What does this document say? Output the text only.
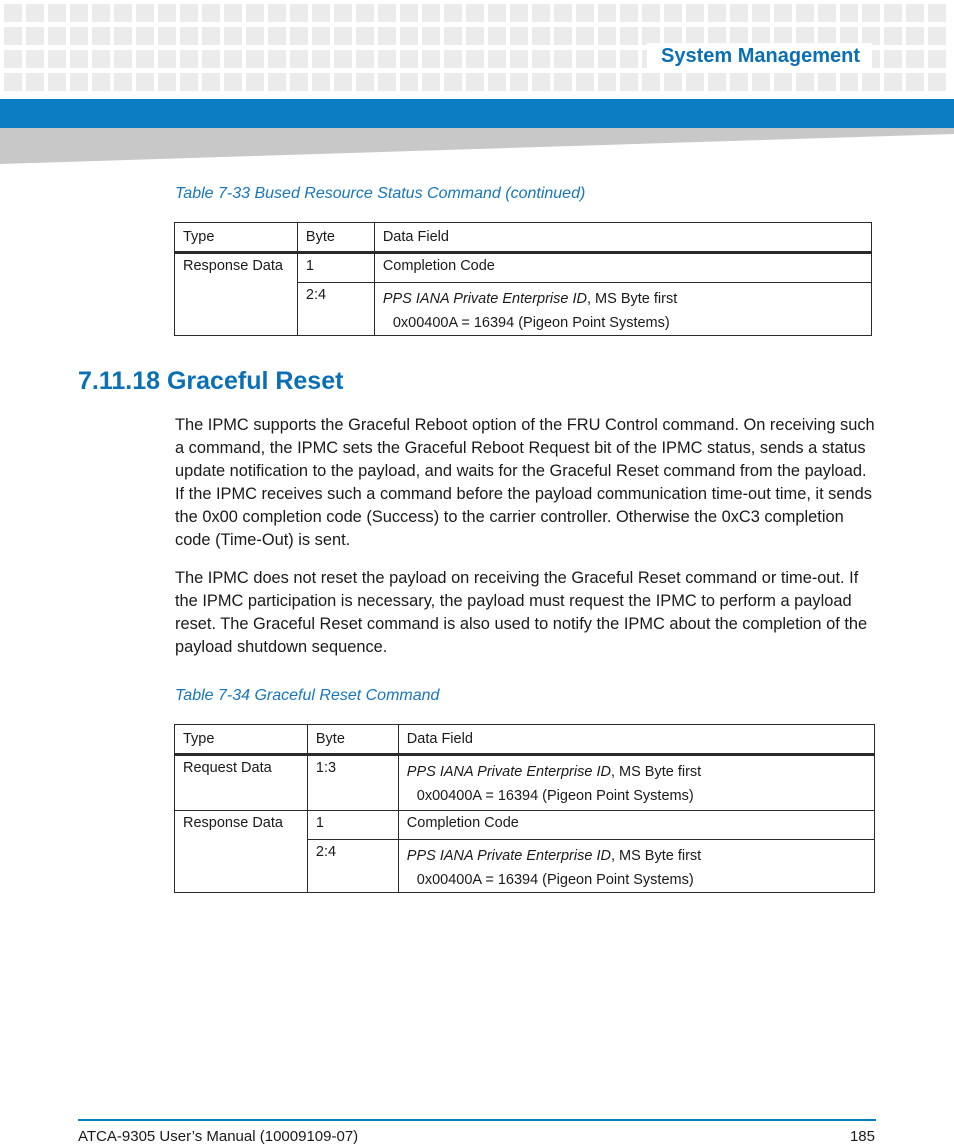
System Management
Table 7-33 Bused Resource Status Command (continued)
Type	Byte	Data Field
Response Data	1	Completion Code
	2:4	PPS IANA Private Enterprise ID, MS Byte first
0x00400A = 16394 (Pigeon Point Systems)
7.11.18 Graceful Reset

The IPMC supports the Graceful Reboot option of the FRU Control command. On receiving such a command, the IPMC sets the Graceful Reboot Request bit of the IPMC status, sends a status update notification to the payload, and waits for the Graceful Reset command from the payload. If the IPMC receives such a command before the payload communication time-out time, it sends the 0x00 completion code (Success) to the carrier controller. Otherwise the 0xC3 completion code (Time-Out) is sent.

The IPMC does not reset the payload on receiving the Graceful Reset command or time-out. If the IPMC participation is necessary, the payload must request the IPMC to perform a payload reset. The Graceful Reset command is also used to notify the IPMC about the completion of the payload shutdown sequence.

Table 7-34 Graceful Reset Command
Type	Byte	Data Field
Request Data	1:3	PPS IANA Private Enterprise ID, MS Byte first
0x00400A = 16394 (Pigeon Point Systems)

Response Data	1	Completion Code
	2:4	PPS IANA Private Enterprise ID, MS Byte first
0x00400A = 16394 (Pigeon Point Systems)
ATCA-9305 User’s Manual (10009109-07)	185
